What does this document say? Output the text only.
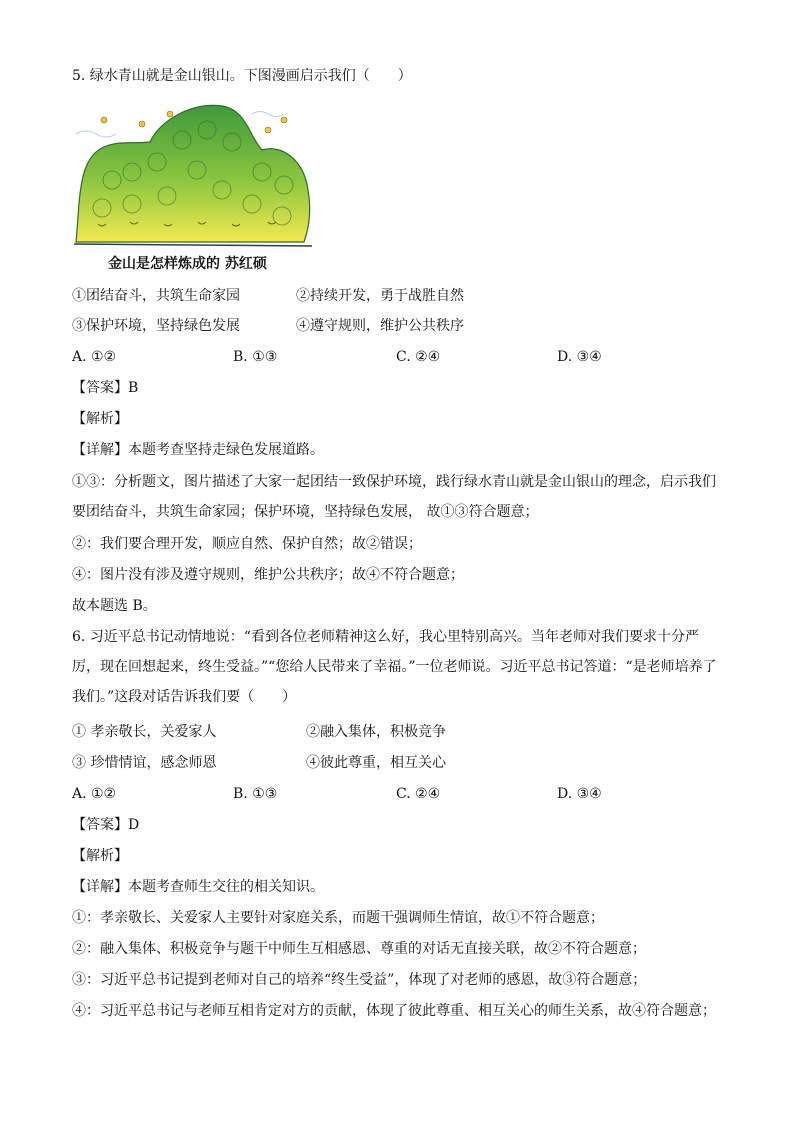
5. 绿水青山就是金山银山。下图漫画启示我们（　　）
金山是怎样炼成的 苏红硕
①团结奋斗，共筑生命家园	②持续开发，勇于战胜自然
③保护环境，坚持绿色发展	④遵守规则，维护公共秩序
A. ①②	B. ①③	C. ②④	D. ③④
【答案】B
【解析】
【详解】本题考查坚持走绿色发展道路。
①③：分析题文，图片描述了大家一起团结一致保护环境，践行绿水青山就是金山银山的理念，启示我们要团结奋斗，共筑生命家园；保护环境，坚持绿色发展， 故①③符合题意；
②：我们要合理开发，顺应自然、保护自然；故②错误；
④：图片没有涉及遵守规则，维护公共秩序；故④不符合题意；
故本题选 B。
6. 习近平总书记动情地说：“看到各位老师精神这么好，我心里特别高兴。当年老师对我们要求十分严厉，现在回想起来，终生受益。”“您给人民带来了幸福。”一位老师说。习近平总书记答道：“是老师培养了我们。”这段对话告诉我们要（　　）
① 孝亲敬长，关爱家人	②融入集体，积极竞争
③ 珍惜情谊，感念师恩	④彼此尊重，相互关心
A. ①②	B. ①③	C. ②④	D. ③④
【答案】D
【解析】
【详解】本题考查师生交往的相关知识。
①：孝亲敬长、关爱家人主要针对家庭关系，而题干强调师生情谊，故①不符合题意；
②：融入集体、积极竞争与题干中师生互相感恩、尊重的对话无直接关联，故②不符合题意；
③：习近平总书记提到老师对自己的培养“终生受益”，体现了对老师的感恩，故③符合题意；
④：习近平总书记与老师互相肯定对方的贡献，体现了彼此尊重、相互关心的师生关系，故④符合题意；
